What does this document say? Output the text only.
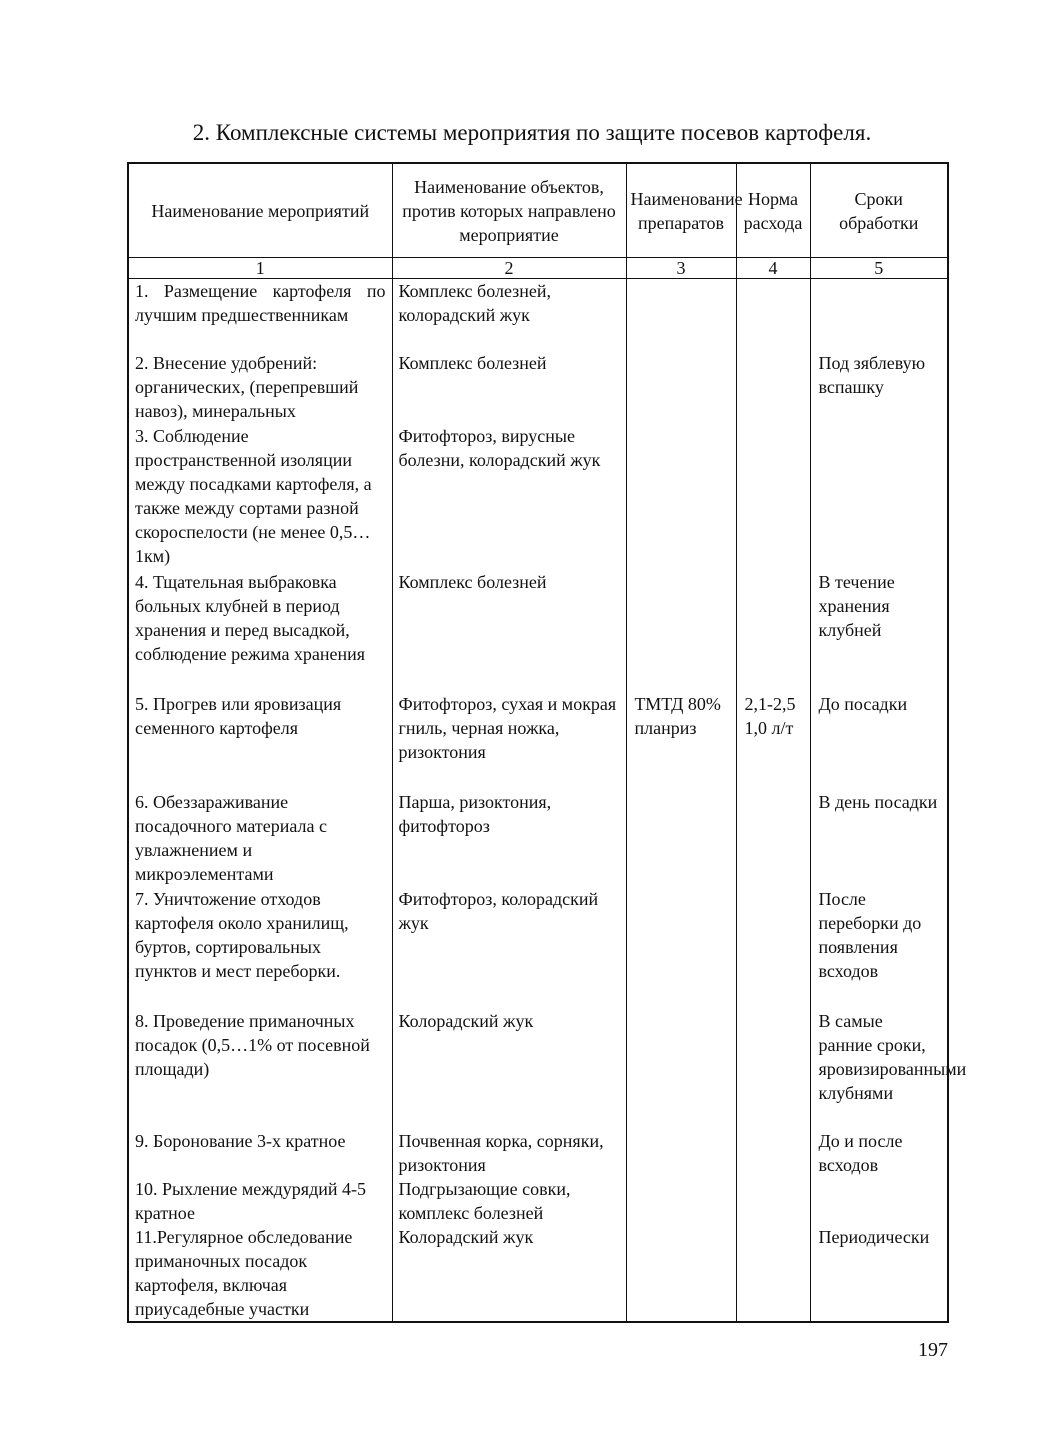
2. Комплексные системы мероприятия по защите посевов картофеля.
Наименование мероприятий	Наименование объектов, против которых направлено мероприятие	Наименование препаратов	Норма расхода	Сроки обработки
1	2	3	4	5
1. Размещение картофеля по лучшим предшественникам	Комплекс болезней, колорадский жук			
2. Внесение удобрений: органических, (перепревший навоз), минеральных	Комплекс болезней			Под зяблевую вспашку
3. Соблюдение пространственной изоляции между посадками картофеля, а также между сортами разной скороспелости (не менее 0,5…1км)	Фитофтороз, вирусные болезни, колорадский жук			
4. Тщательная выбраковка больных клубней в период хранения и перед высадкой, соблюдение режима хранения	Комплекс болезней			В течение хранения клубней
5. Прогрев или яровизация семенного картофеля	Фитофтороз, сухая и мокрая гниль, черная ножка, ризоктония	ТМТД 80% планриз	2,1-2,5 1,0 л/т	До посадки
6. Обеззараживание посадочного материала с увлажнением и микроэлементами	Парша, ризоктония, фитофтороз			В день посадки
7. Уничтожение отходов картофеля около хранилищ, буртов, сортировальных пунктов и мест переборки.	Фитофтороз, колорадский жук			После переборки до появления всходов
8. Проведение приманочных посадок (0,5…1% от посевной площади)	Колорадский жук			В самые ранние сроки, яровизированными клубнями
9. Боронование 3-х кратное	Почвенная корка, сорняки, ризоктония			До и после всходов
10. Рыхление междурядий 4-5 кратное	Подгрызающие совки, комплекс болезней			
11.Регулярное обследование приманочных посадок картофеля, включая приусадебные участки	Колорадский жук			Периодически
197
